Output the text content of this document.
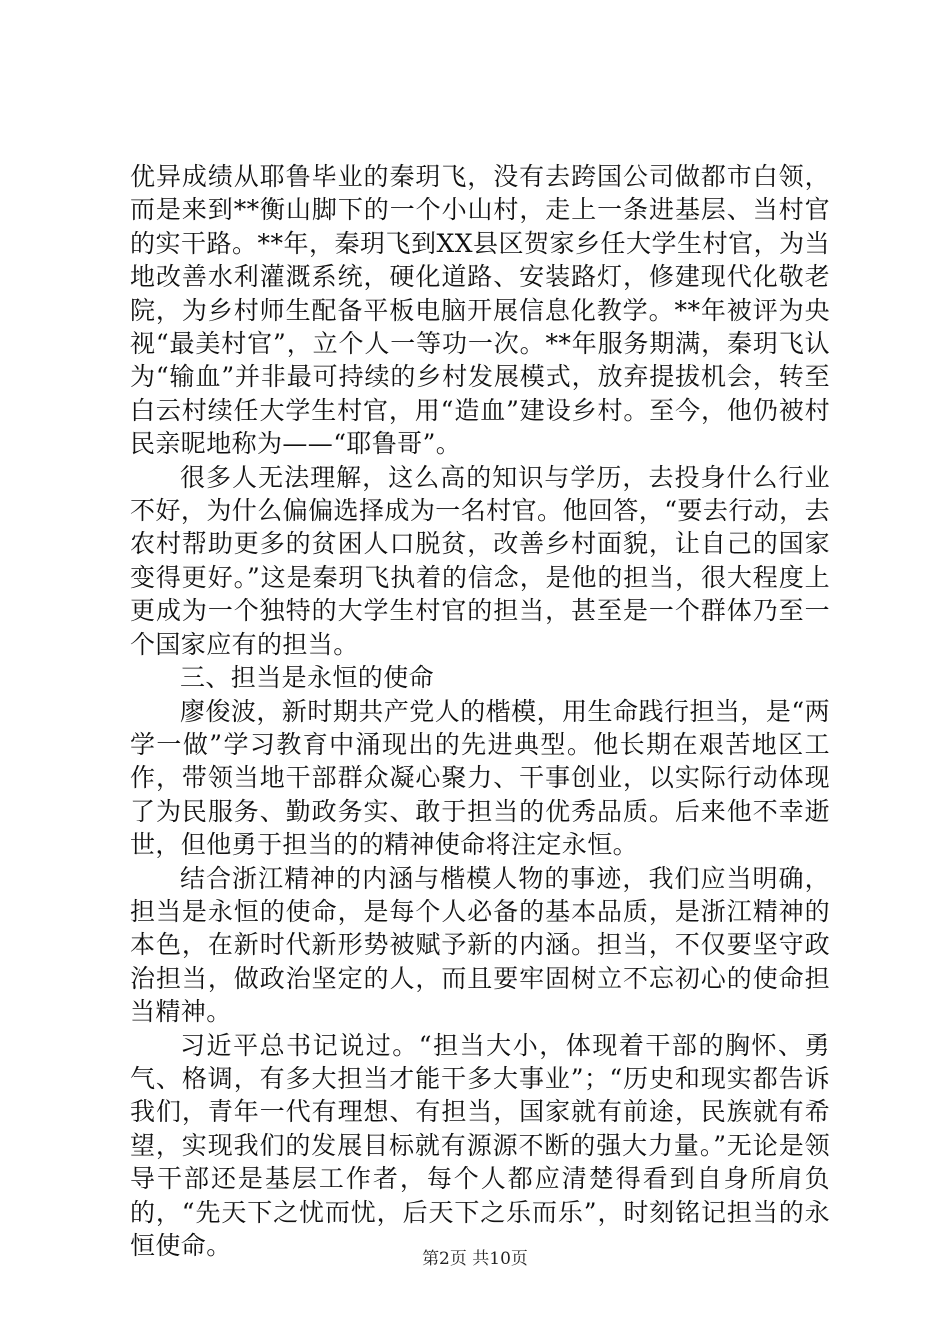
优异成绩从耶鲁毕业的秦玥飞，没有去跨国公司做都市白领，而是来到**衡山脚下的一个小山村，走上一条进基层、当村官的实干路。**年，秦玥飞到XX县区贺家乡任大学生村官，为当地改善水利灌溉系统，硬化道路、安装路灯，修建现代化敬老院，为乡村师生配备平板电脑开展信息化教学。**年被评为央视“最美村官”，立个人一等功一次。**年服务期满，秦玥飞认为“输血”并非最可持续的乡村发展模式，放弃提拔机会，转至白云村续任大学生村官，用“造血”建设乡村。至今，他仍被村民亲昵地称为——“耶鲁哥”。

很多人无法理解，这么高的知识与学历，去投身什么行业不好，为什么偏偏选择成为一名村官。他回答，“要去行动，去农村帮助更多的贫困人口脱贫，改善乡村面貌，让自己的国家变得更好。”这是秦玥飞执着的信念，是他的担当，很大程度上更成为一个独特的大学生村官的担当，甚至是一个群体乃至一个国家应有的担当。

三、担当是永恒的使命

廖俊波，新时期共产党人的楷模，用生命践行担当，是“两学一做”学习教育中涌现出的先进典型。他长期在艰苦地区工作，带领当地干部群众凝心聚力、干事创业，以实际行动体现了为民服务、勤政务实、敢于担当的优秀品质。后来他不幸逝世，但他勇于担当的的精神使命将注定永恒。

结合浙江精神的内涵与楷模人物的事迹，我们应当明确，担当是永恒的使命，是每个人必备的基本品质，是浙江精神的本色，在新时代新形势被赋予新的内涵。担当，不仅要坚守政治担当，做政治坚定的人，而且要牢固树立不忘初心的使命担当精神。

习近平总书记说过。“担当大小，体现着干部的胸怀、勇气、格调，有多大担当才能干多大事业”；“历史和现实都告诉我们，青年一代有理想、有担当，国家就有前途，民族就有希望，实现我们的发展目标就有源源不断的强大力量。”无论是领导干部还是基层工作者，每个人都应清楚得看到自身所肩负的，“先天下之忧而忧，后天下之乐而乐”，时刻铭记担当的永恒使命。	第2页 共10页
